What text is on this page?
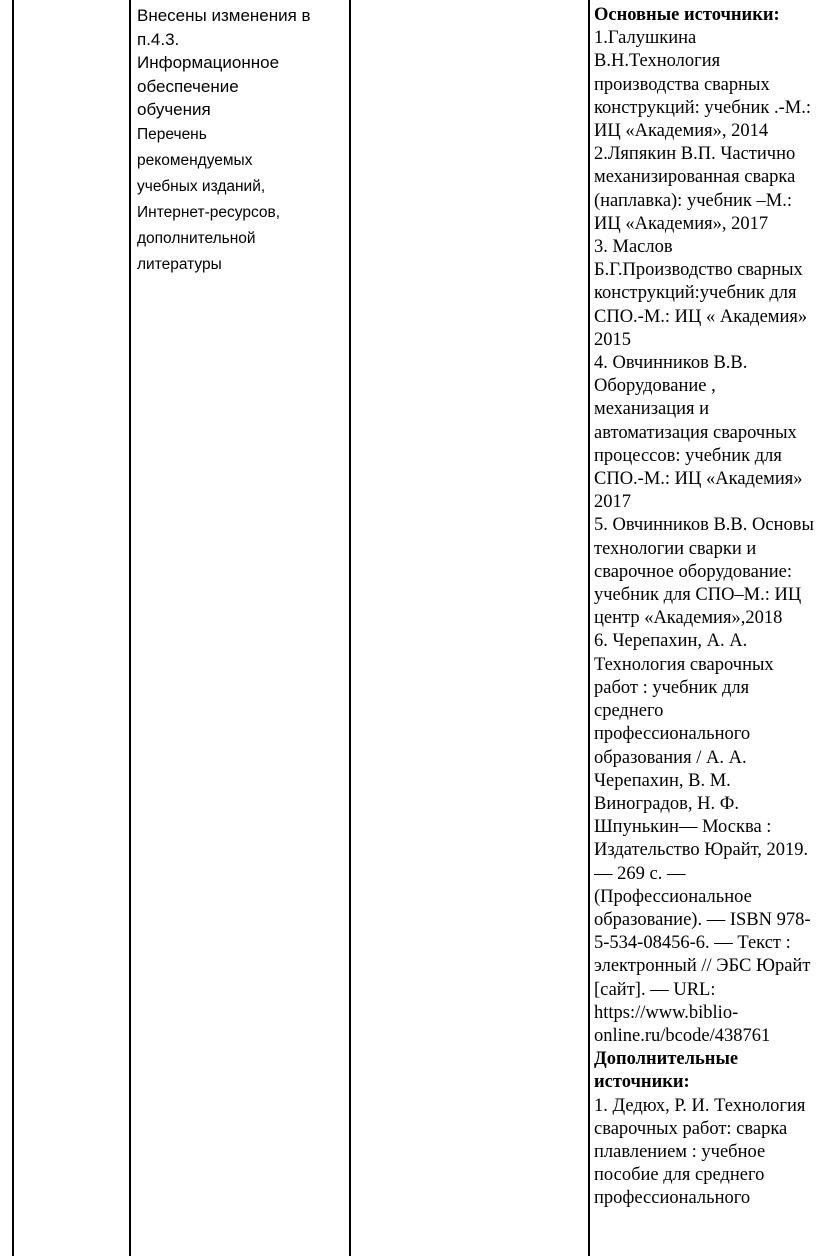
Внесены изменения в
п.4.3.
Информационное
обеспечение
обучения
Перечень
рекомендуемых
учебных изданий,
Интернет-ресурсов,
дополнительной
литературы
Основные источники:
1.Галушкина
В.Н.Технология
производства сварных
конструкций: учебник .-М.:
ИЦ «Академия», 2014
2.Ляпякин В.П. Частично
механизированная сварка
(наплавка): учебник –М.:
ИЦ «Академия», 2017
3. Маслов
Б.Г.Производство сварных
конструкций:учебник для
СПО.-М.: ИЦ « Академия»
2015
4. Овчинников В.В.
Оборудование ,
механизация и
автоматизация сварочных
процессов: учебник для
СПО.-М.: ИЦ «Академия»
2017
5. Овчинников В.В. Основы
технологии сварки и
сварочное оборудование:
учебник для СПО–М.: ИЦ
центр «Академия»,2018
6. Черепахин, А. А.
Технология сварочных
работ : учебник для
среднего
профессионального
образования / А. А.
Черепахин, В. М.
Виноградов, Н. Ф.
Шпунькин— Москва :
Издательство Юрайт, 2019.
— 269 с. —
(Профессиональное
образование). — ISBN 978-
5-534-08456-6. — Текст :
электронный // ЭБС Юрайт
[сайт]. — URL:
https://www.biblio-
online.ru/bcode/438761
Дополнительные
источники:
1. Дедюх, Р. И. Технология
сварочных работ: сварка
плавлением : учебное
пособие для среднего
профессионального
